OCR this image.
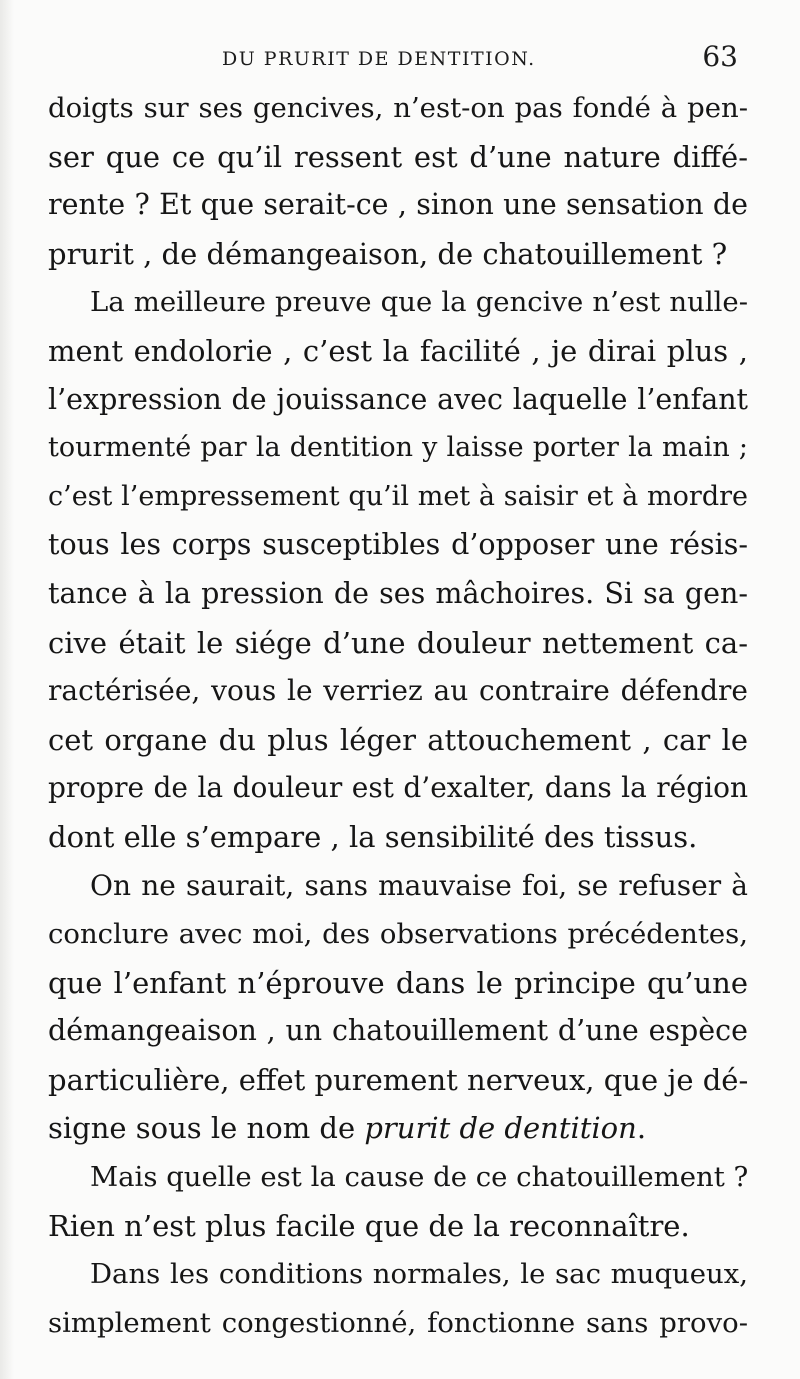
DU PRURIT DE DENTITION.	63

doigts sur ses gencives, n’est-on pas fondé à pen-
ser que ce qu’il ressent est d’une nature diffé-
rente ? Et que serait-ce , sinon une sensation de
prurit , de démangeaison, de chatouillement ?

La meilleure preuve que la gencive n’est nulle-
ment endolorie , c’est la facilité , je dirai plus ,
l’expression de jouissance avec laquelle l’enfant
tourmenté par la dentition y laisse porter la main ;
c’est l’empressement qu’il met à saisir et à mordre
tous les corps susceptibles d’opposer une résis-
tance à la pression de ses mâchoires. Si sa gen-
cive était le siége d’une douleur nettement ca-
ractérisée, vous le verriez au contraire défendre
cet organe du plus léger attouchement , car le
propre de la douleur est d’exalter, dans la région
dont elle s’empare , la sensibilité des tissus.

On ne saurait, sans mauvaise foi, se refuser à
conclure avec moi, des observations précédentes,
que l’enfant n’éprouve dans le principe qu’une
démangeaison , un chatouillement d’une espèce
particulière, effet purement nerveux, que je dé-
signe sous le nom de prurit de dentition.

Mais quelle est la cause de ce chatouillement ?
Rien n’est plus facile que de la reconnaître.

Dans les conditions normales, le sac muqueux,
simplement congestionné, fonctionne sans provo-
